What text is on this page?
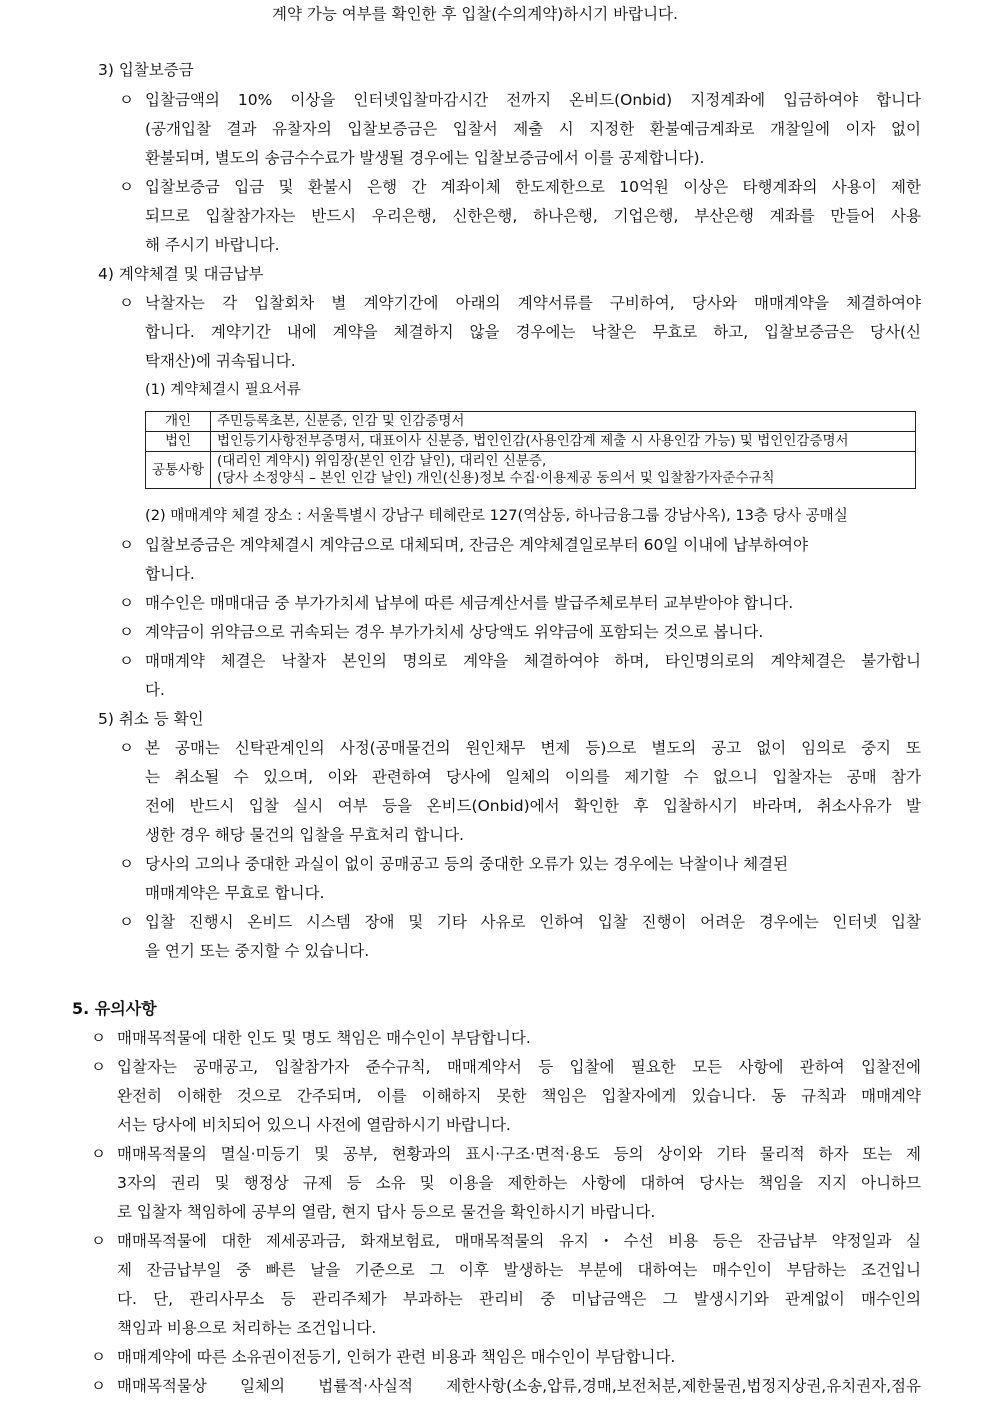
계약 가능 여부를 확인한 후 입찰(수의계약)하시기 바랍니다.
3) 입찰보증금
ㅇ 입찰금액의 10% 이상을 인터넷입찰마감시간 전까지 온비드(Onbid) 지정계좌에 입금하여야 합니다
(공개입찰 결과 유찰자의 입찰보증금은 입찰서 제출 시 지정한 환불예금계좌로 개찰일에 이자 없이
환불되며, 별도의 송금수수료가 발생될 경우에는 입찰보증금에서 이를 공제합니다).
ㅇ 입찰보증금 입금 및 환불시 은행 간 계좌이체 한도제한으로 10억원 이상은 타행계좌의 사용이 제한
되므로 입찰참가자는 반드시 우리은행, 신한은행, 하나은행, 기업은행, 부산은행 계좌를 만들어 사용
해 주시기 바랍니다.
4) 계약체결 및 대금납부
ㅇ 낙찰자는 각 입찰회차 별 계약기간에 아래의 계약서류를 구비하여, 당사와 매매계약을 체결하여야
합니다. 계약기간 내에 계약을 체결하지 않을 경우에는 낙찰은 무효로 하고, 입찰보증금은 당사(신
탁재산)에 귀속됩니다.
(1) 계약체결시 필요서류
개인	주민등록초본, 신분증, 인감 및 인감증명서
법인	법인등기사항전부증명서, 대표이사 신분증, 법인인감(사용인감계 제출 시 사용인감 가능) 및 법인인감증명서
공통사항	(대리인 계약시) 위임장(본인 인감 날인), 대리인 신분증,
(당사 소정양식 – 본인 인감 날인) 개인(신용)정보 수집·이용제공 동의서 및 입찰참가자준수규칙
(2) 매매계약 체결 장소 : 서울특별시 강남구 테헤란로 127(역삼동, 하나금융그룹 강남사옥), 13층 당사 공매실
ㅇ 입찰보증금은 계약체결시 계약금으로 대체되며, 잔금은 계약체결일로부터 60일 이내에 납부하여야
합니다.
ㅇ 매수인은 매매대금 중 부가가치세 납부에 따른 세금계산서를 발급주체로부터 교부받아야 합니다.
ㅇ 계약금이 위약금으로 귀속되는 경우 부가가치세 상당액도 위약금에 포함되는 것으로 봅니다.
ㅇ 매매계약 체결은 낙찰자 본인의 명의로 계약을 체결하여야 하며, 타인명의로의 계약체결은 불가합니
다.
5) 취소 등 확인
ㅇ 본 공매는 신탁관계인의 사정(공매물건의 원인채무 변제 등)으로 별도의 공고 없이 임의로 중지 또
는 취소될 수 있으며, 이와 관련하여 당사에 일체의 이의를 제기할 수 없으니 입찰자는 공매 참가
전에 반드시 입찰 실시 여부 등을 온비드(Onbid)에서 확인한 후 입찰하시기 바라며, 취소사유가 발
생한 경우 해당 물건의 입찰을 무효처리 합니다.
ㅇ 당사의 고의나 중대한 과실이 없이 공매공고 등의 중대한 오류가 있는 경우에는 낙찰이나 체결된
매매계약은 무효로 합니다.
ㅇ 입찰 진행시 온비드 시스템 장애 및 기타 사유로 인하여 입찰 진행이 어려운 경우에는 인터넷 입찰
을 연기 또는 중지할 수 있습니다.
5. 유의사항
ㅇ 매매목적물에 대한 인도 및 명도 책임은 매수인이 부담합니다.
ㅇ 입찰자는 공매공고, 입찰참가자 준수규칙, 매매계약서 등 입찰에 필요한 모든 사항에 관하여 입찰전에
완전히 이해한 것으로 간주되며, 이를 이해하지 못한 책임은 입찰자에게 있습니다. 동 규칙과 매매계약
서는 당사에 비치되어 있으니 사전에 열람하시기 바랍니다.
ㅇ 매매목적물의 멸실·미등기 및 공부, 현황과의 표시·구조·면적·용도 등의 상이와 기타 물리적 하자 또는 제
3자의 권리 및 행정상 규제 등 소유 및 이용을 제한하는 사항에 대하여 당사는 책임을 지지 아니하므
로 입찰자 책임하에 공부의 열람, 현지 답사 등으로 물건을 확인하시기 바랍니다.
ㅇ 매매목적물에 대한 제세공과금, 화재보험료, 매매목적물의 유지・수선 비용 등은 잔금납부 약정일과 실
제 잔금납부일 중 빠른 날을 기준으로 그 이후 발생하는 부분에 대하여는 매수인이 부담하는 조건입니
다. 단, 관리사무소 등 관리주체가 부과하는 관리비 중 미납금액은 그 발생시기와 관계없이 매수인의
책임과 비용으로 처리하는 조건입니다.
ㅇ 매매계약에 따른 소유권이전등기, 인허가 관련 비용과 책임은 매수인이 부담합니다.
ㅇ 매매목적물상 일체의 법률적·사실적 제한사항(소송,압류,경매,보전처분,제한물권,법정지상권,유치권자,점유
